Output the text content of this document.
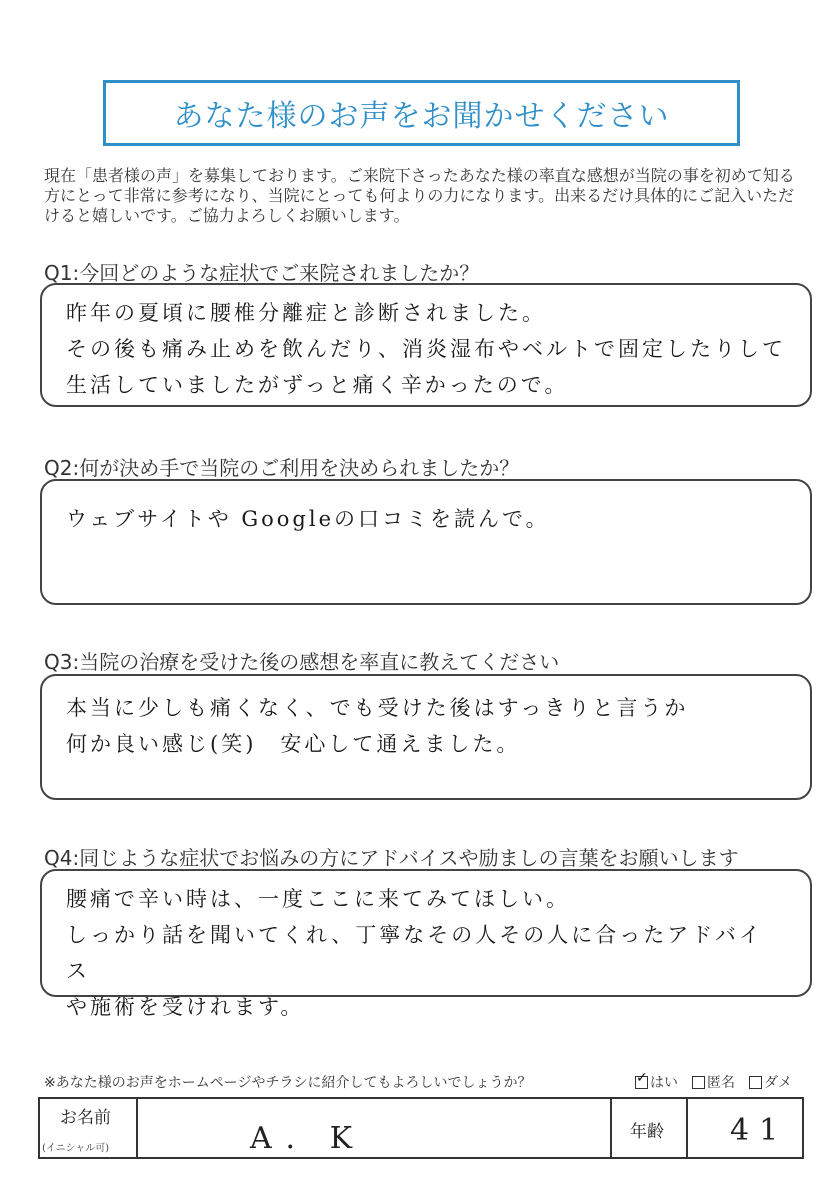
あなた様のお声をお聞かせください
現在「患者様の声」を募集しております。ご来院下さったあなた様の率直な感想が当院の事を初めて知る方にとって非常に参考になり、当院にとっても何よりの力になります。出来るだけ具体的にご記入いただけると嬉しいです。ご協力よろしくお願いします。
Q1:今回どのような症状でご来院されましたか？
昨年の夏頃に腰椎分離症と診断されました。
その後も痛み止めを飲んだり、消炎湿布やベルトで固定したりして
生活していましたがずっと痛く辛かったので。
Q2:何が決め手で当院のご利用を決められましたか？
ウェブサイトや Googleの口コミを読んで。
Q3:当院の治療を受けた後の感想を率直に教えてください
本当に少しも痛くなく、でも受けた後はすっきりと言うか
何か良い感じ(笑)　安心して通えました。
Q4:同じような症状でお悩みの方にアドバイスや励ましの言葉をお願いします
腰痛で辛い時は、一度ここに来てみてほしい。
しっかり話を聞いてくれ、丁寧なその人その人に合ったアドバイス
や施術を受けれます。
※あなた様のお声をホームページやチラシに紹介してもよろしいでしょうか？	✓ はい 匿名 ダメ
お名前
(イニシャル可)	A．K	年齢 41
